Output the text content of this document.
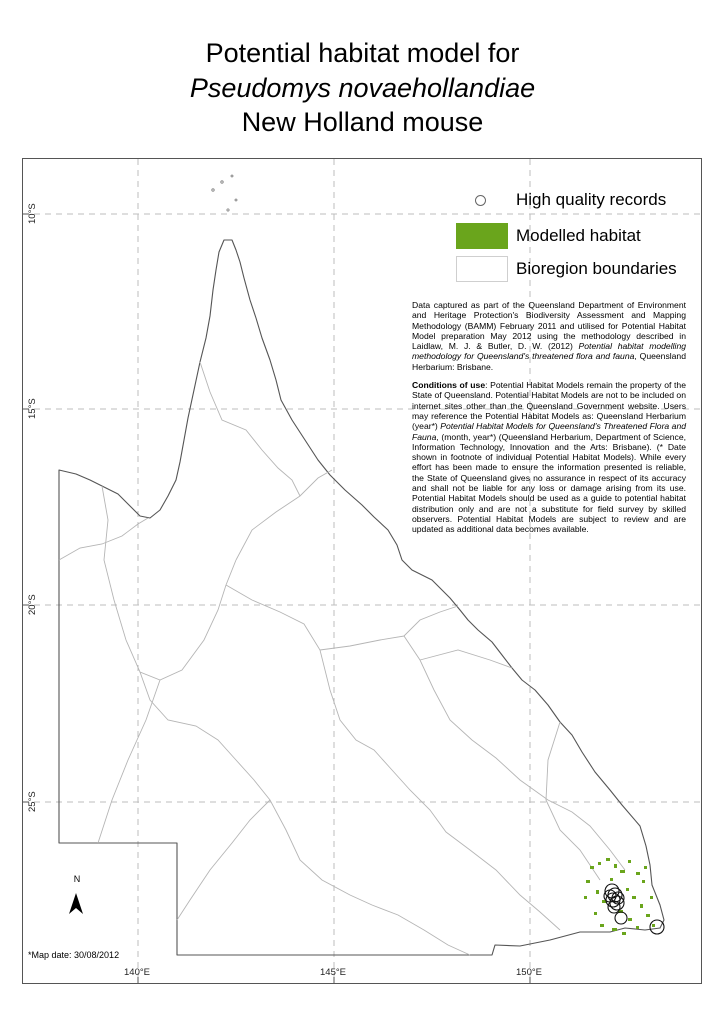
Potential habitat model for
Pseudomys novaehollandiae
New Holland mouse
10°S
15°S
20°S
25°S
140°E	145°E	150°E
High quality records
Modelled habitat
Bioregion boundaries

Data captured as part of the Queensland Department of Environment and Heritage Protection's Biodiversity Assessment and Mapping Methodology (BAMM) February 2011 and utilised for Potential Habitat Model preparation May 2012 using the methodology described in Laidlaw, M. J. & Butler, D. W. (2012) Potential habitat modelling methodology for Queensland's threatened flora and fauna, Queensland Herbarium: Brisbane.

Conditions of use: Potential Habitat Models remain the property of the State of Queensland. Potential Habitat Models are not to be included on internet sites other than the Queensland Government website. Users may reference the Potential Habitat Models as: Queensland Herbarium (year*) Potential Habitat Models for Queensland's Threatened Flora and Fauna, (month, year*) (Queensland Herbarium, Department of Science, Information Technology, Innovation and the Arts: Brisbane). (* Date shown in footnote of individual Potential Habitat Models). While every effort has been made to ensure the information presented is reliable, the State of Queensland gives no assurance in respect of its accuracy and shall not be liable for any loss or damage arising from its use. Potential Habitat Models should be used as a guide to potential habitat distribution only and are not a substitute for field survey by skilled observers. Potential Habitat Models are subject to review and are updated as additional data becomes available.

N
*Map date: 30/08/2012
